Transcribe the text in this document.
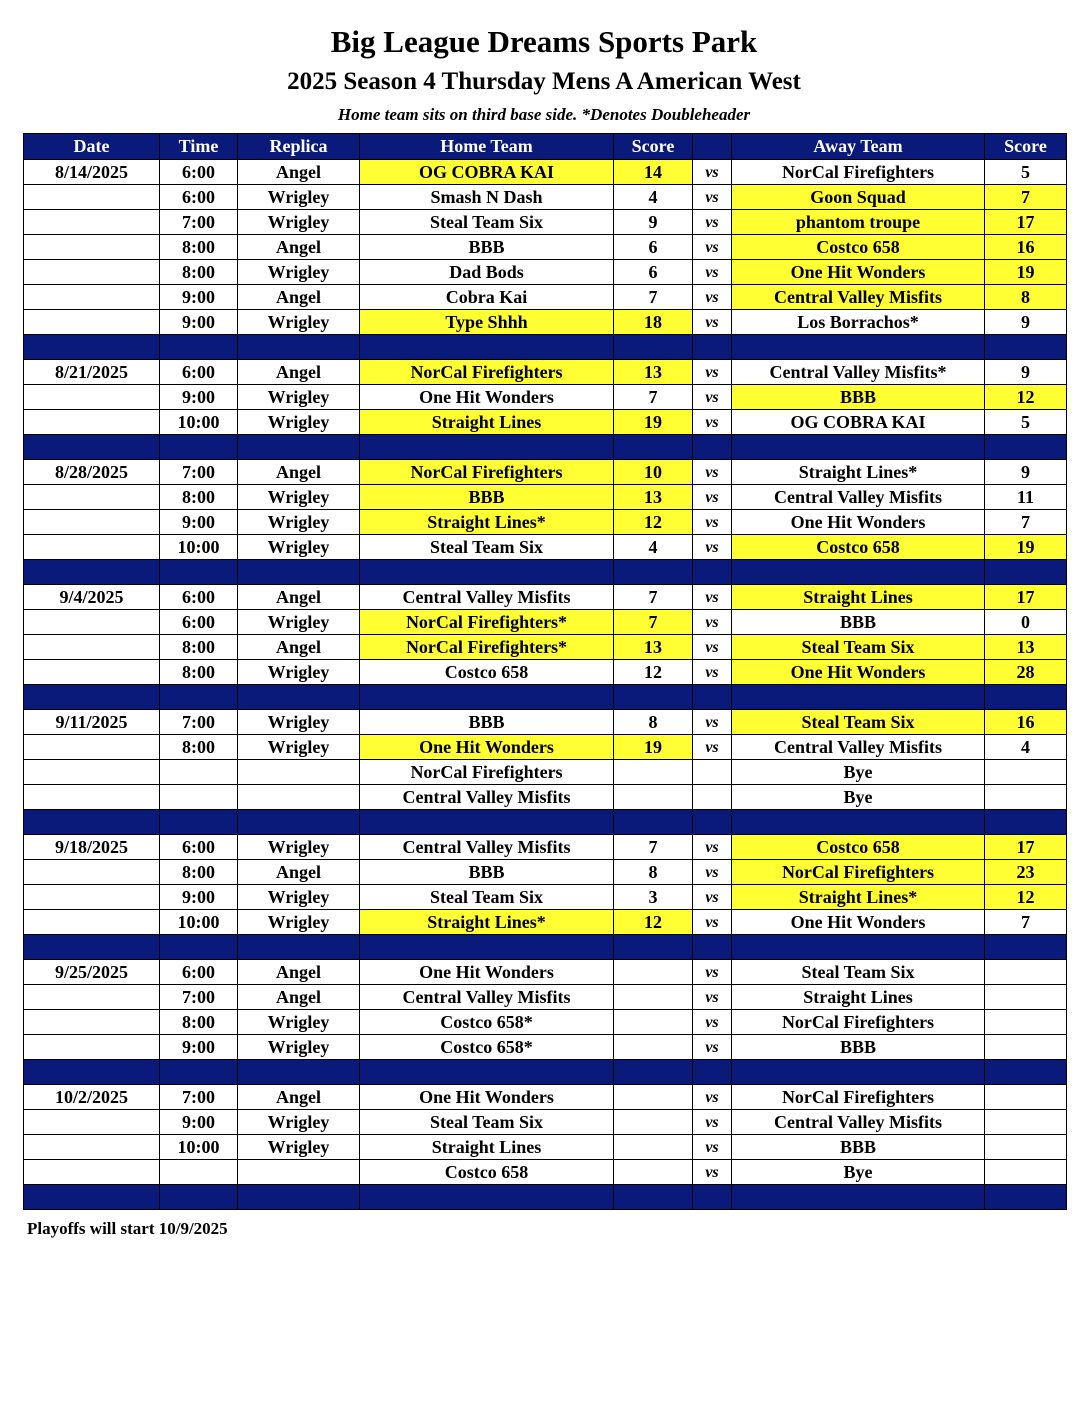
Big League Dreams Sports Park
2025 Season 4 Thursday Mens A American West
Home team sits on third base side. *Denotes Doubleheader
Date	Time	Replica	Home Team	Score		Away Team	Score
8/14/2025	6:00	Angel	OG COBRA KAI	14	vs	NorCal Firefighters	5
	6:00	Wrigley	Smash N Dash	4	vs	Goon Squad	7
	7:00	Wrigley	Steal Team Six	9	vs	phantom troupe	17
	8:00	Angel	BBB	6	vs	Costco 658	16
	8:00	Wrigley	Dad Bods	6	vs	One Hit Wonders	19
	9:00	Angel	Cobra Kai	7	vs	Central Valley Misfits	8
	9:00	Wrigley	Type Shhh	18	vs	Los Borrachos*	9

8/21/2025	6:00	Angel	NorCal Firefighters	13	vs	Central Valley Misfits*	9
	9:00	Wrigley	One Hit Wonders	7	vs	BBB	12
	10:00	Wrigley	Straight Lines	19	vs	OG COBRA KAI	5

8/28/2025	7:00	Angel	NorCal Firefighters	10	vs	Straight Lines*	9
	8:00	Wrigley	BBB	13	vs	Central Valley Misfits	11
	9:00	Wrigley	Straight Lines*	12	vs	One Hit Wonders	7
	10:00	Wrigley	Steal Team Six	4	vs	Costco 658	19

9/4/2025	6:00	Angel	Central Valley Misfits	7	vs	Straight Lines	17
	6:00	Wrigley	NorCal Firefighters*	7	vs	BBB	0
	8:00	Angel	NorCal Firefighters*	13	vs	Steal Team Six	13
	8:00	Wrigley	Costco 658	12	vs	One Hit Wonders	28

9/11/2025	7:00	Wrigley	BBB	8	vs	Steal Team Six	16
	8:00	Wrigley	One Hit Wonders	19	vs	Central Valley Misfits	4
			NorCal Firefighters			Bye	
			Central Valley Misfits			Bye	

9/18/2025	6:00	Wrigley	Central Valley Misfits	7	vs	Costco 658	17
	8:00	Angel	BBB	8	vs	NorCal Firefighters	23
	9:00	Wrigley	Steal Team Six	3	vs	Straight Lines*	12
	10:00	Wrigley	Straight Lines*	12	vs	One Hit Wonders	7

9/25/2025	6:00	Angel	One Hit Wonders		vs	Steal Team Six	
	7:00	Angel	Central Valley Misfits		vs	Straight Lines	
	8:00	Wrigley	Costco 658*		vs	NorCal Firefighters	
	9:00	Wrigley	Costco 658*		vs	BBB	

10/2/2025	7:00	Angel	One Hit Wonders		vs	NorCal Firefighters	
	9:00	Wrigley	Steal Team Six		vs	Central Valley Misfits	
	10:00	Wrigley	Straight Lines		vs	BBB	
			Costco 658		vs	Bye	

Playoffs will start 10/9/2025
